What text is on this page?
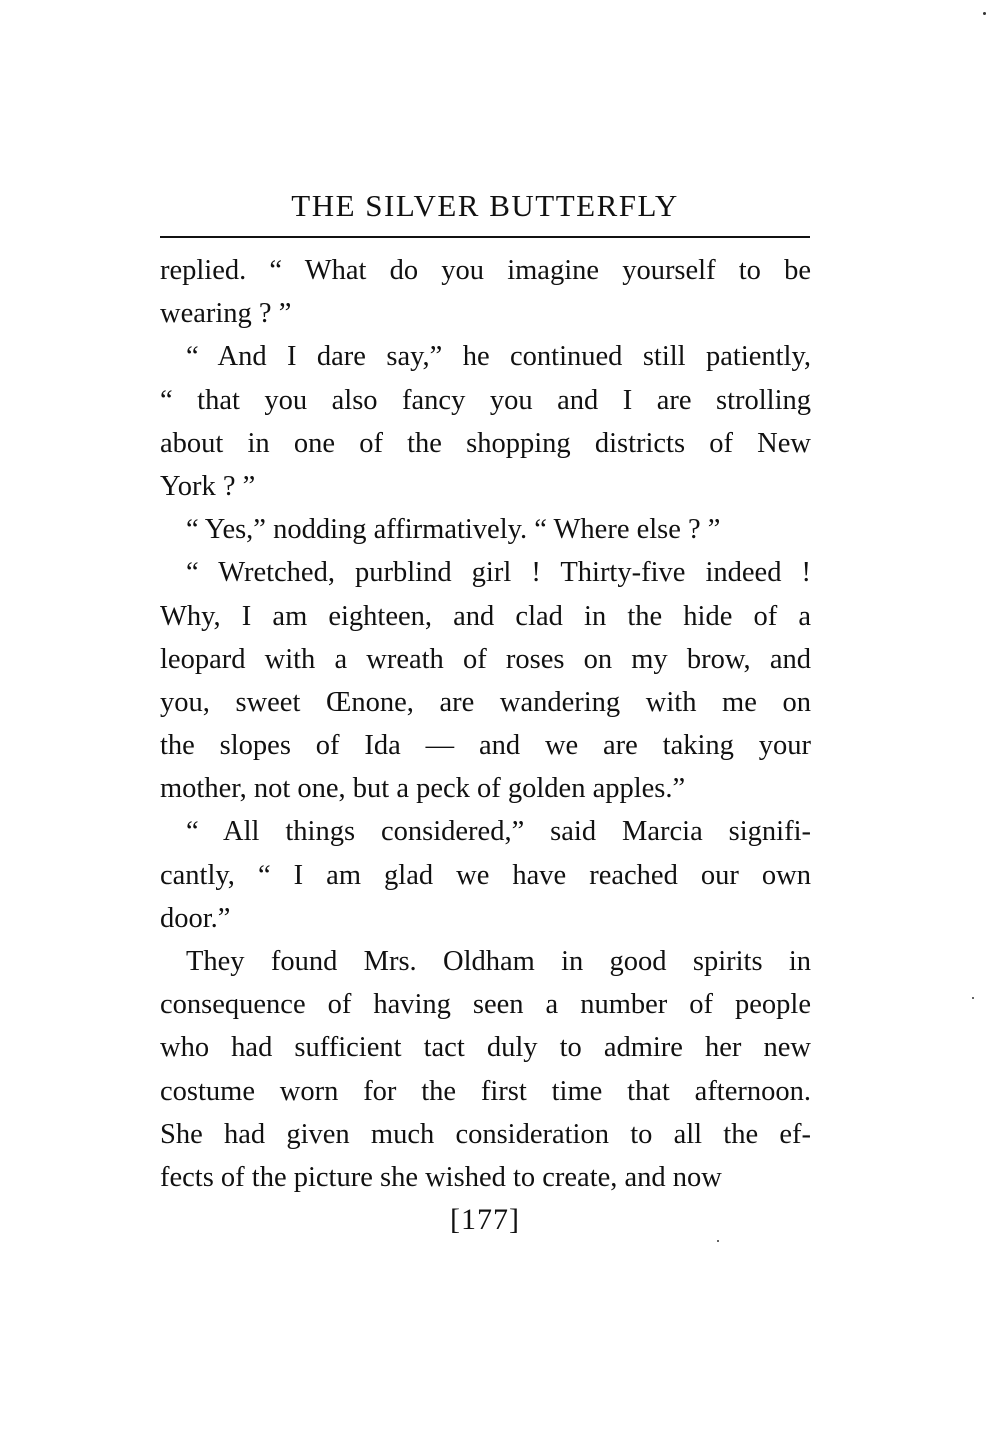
THE SILVER BUTTERFLY

replied. “ What do you imagine yourself to be
wearing ? ”

“ And I dare say,” he continued still patiently,
“ that you also fancy you and I are strolling
about in one of the shopping districts of New
York ? ”

“ Yes,” nodding affirmatively. “ Where else ? ”

“ Wretched, purblind girl ! Thirty-five indeed !
Why, I am eighteen, and clad in the hide of a
leopard with a wreath of roses on my brow, and
you, sweet Œnone, are wandering with me on
the slopes of Ida — and we are taking your
mother, not one, but a peck of golden apples.”

“ All things considered,” said Marcia signifi-
cantly, “ I am glad we have reached our own
door.”

They found Mrs. Oldham in good spirits in
consequence of having seen a number of people
who had sufficient tact duly to admire her new
costume worn for the first time that afternoon.
She had given much consideration to all the ef-
fects of the picture she wished to create, and now

[177]
